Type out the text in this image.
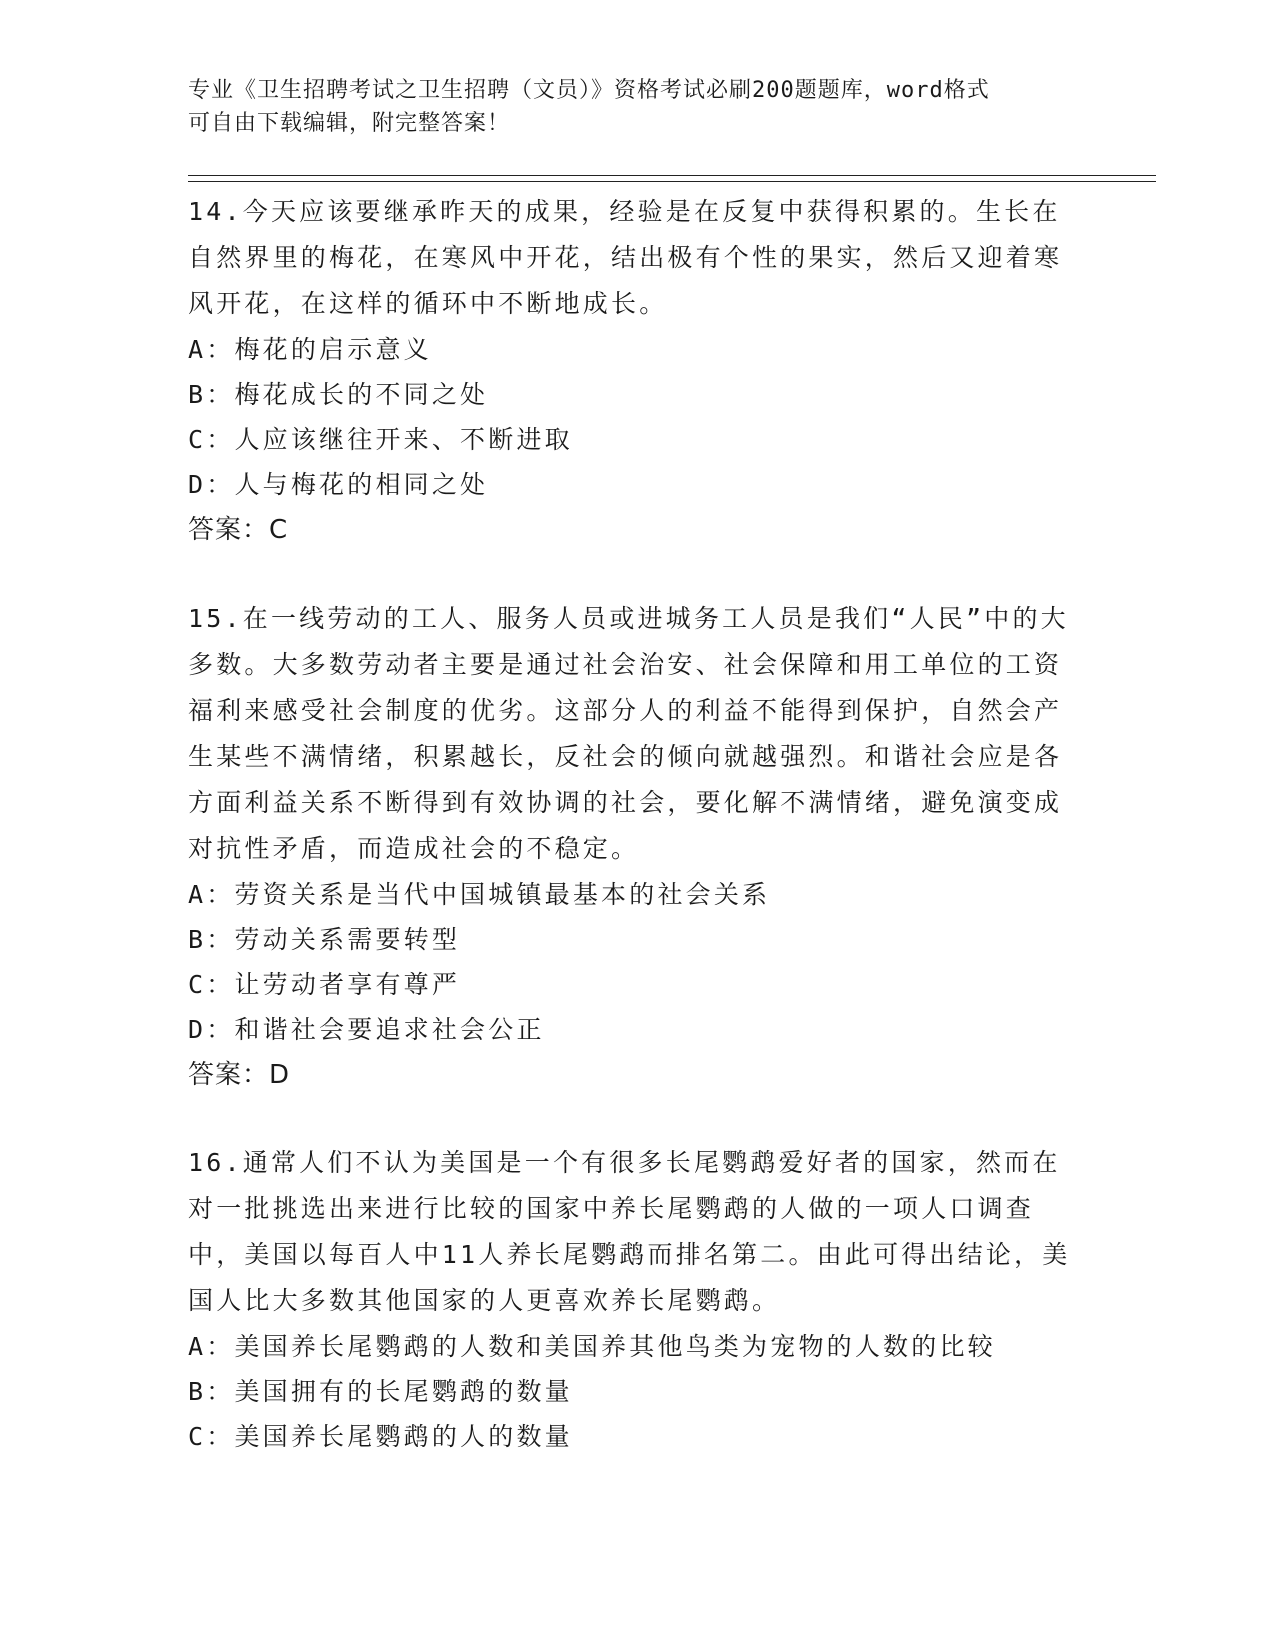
专业《卫生招聘考试之卫生招聘（文员）》资格考试必刷200题题库，word格式
可自由下载编辑，附完整答案！

14.今天应该要继承昨天的成果，经验是在反复中获得积累的。生长在自然界里的梅花，在寒风中开花，结出极有个性的果实，然后又迎着寒风开花，在这样的循环中不断地成长。

A：梅花的启示意义

B：梅花成长的不同之处

C：人应该继往开来、不断进取

D：人与梅花的相同之处

答案：C

15.在一线劳动的工人、服务人员或进城务工人员是我们“人民”中的大多数。大多数劳动者主要是通过社会治安、社会保障和用工单位的工资福利来感受社会制度的优劣。这部分人的利益不能得到保护，自然会产生某些不满情绪，积累越长，反社会的倾向就越强烈。和谐社会应是各方面利益关系不断得到有效协调的社会，要化解不满情绪，避免演变成对抗性矛盾，而造成社会的不稳定。

A：劳资关系是当代中国城镇最基本的社会关系

B：劳动关系需要转型

C：让劳动者享有尊严

D：和谐社会要追求社会公正

答案：D

16.通常人们不认为美国是一个有很多长尾鹦鹉爱好者的国家，然而在对一批挑选出来进行比较的国家中养长尾鹦鹉的人做的一项人口调查中，美国以每百人中11人养长尾鹦鹉而排名第二。由此可得出结论，美国人比大多数其他国家的人更喜欢养长尾鹦鹉。

A：美国养长尾鹦鹉的人数和美国养其他鸟类为宠物的人数的比较

B：美国拥有的长尾鹦鹉的数量

C：美国养长尾鹦鹉的人的数量
